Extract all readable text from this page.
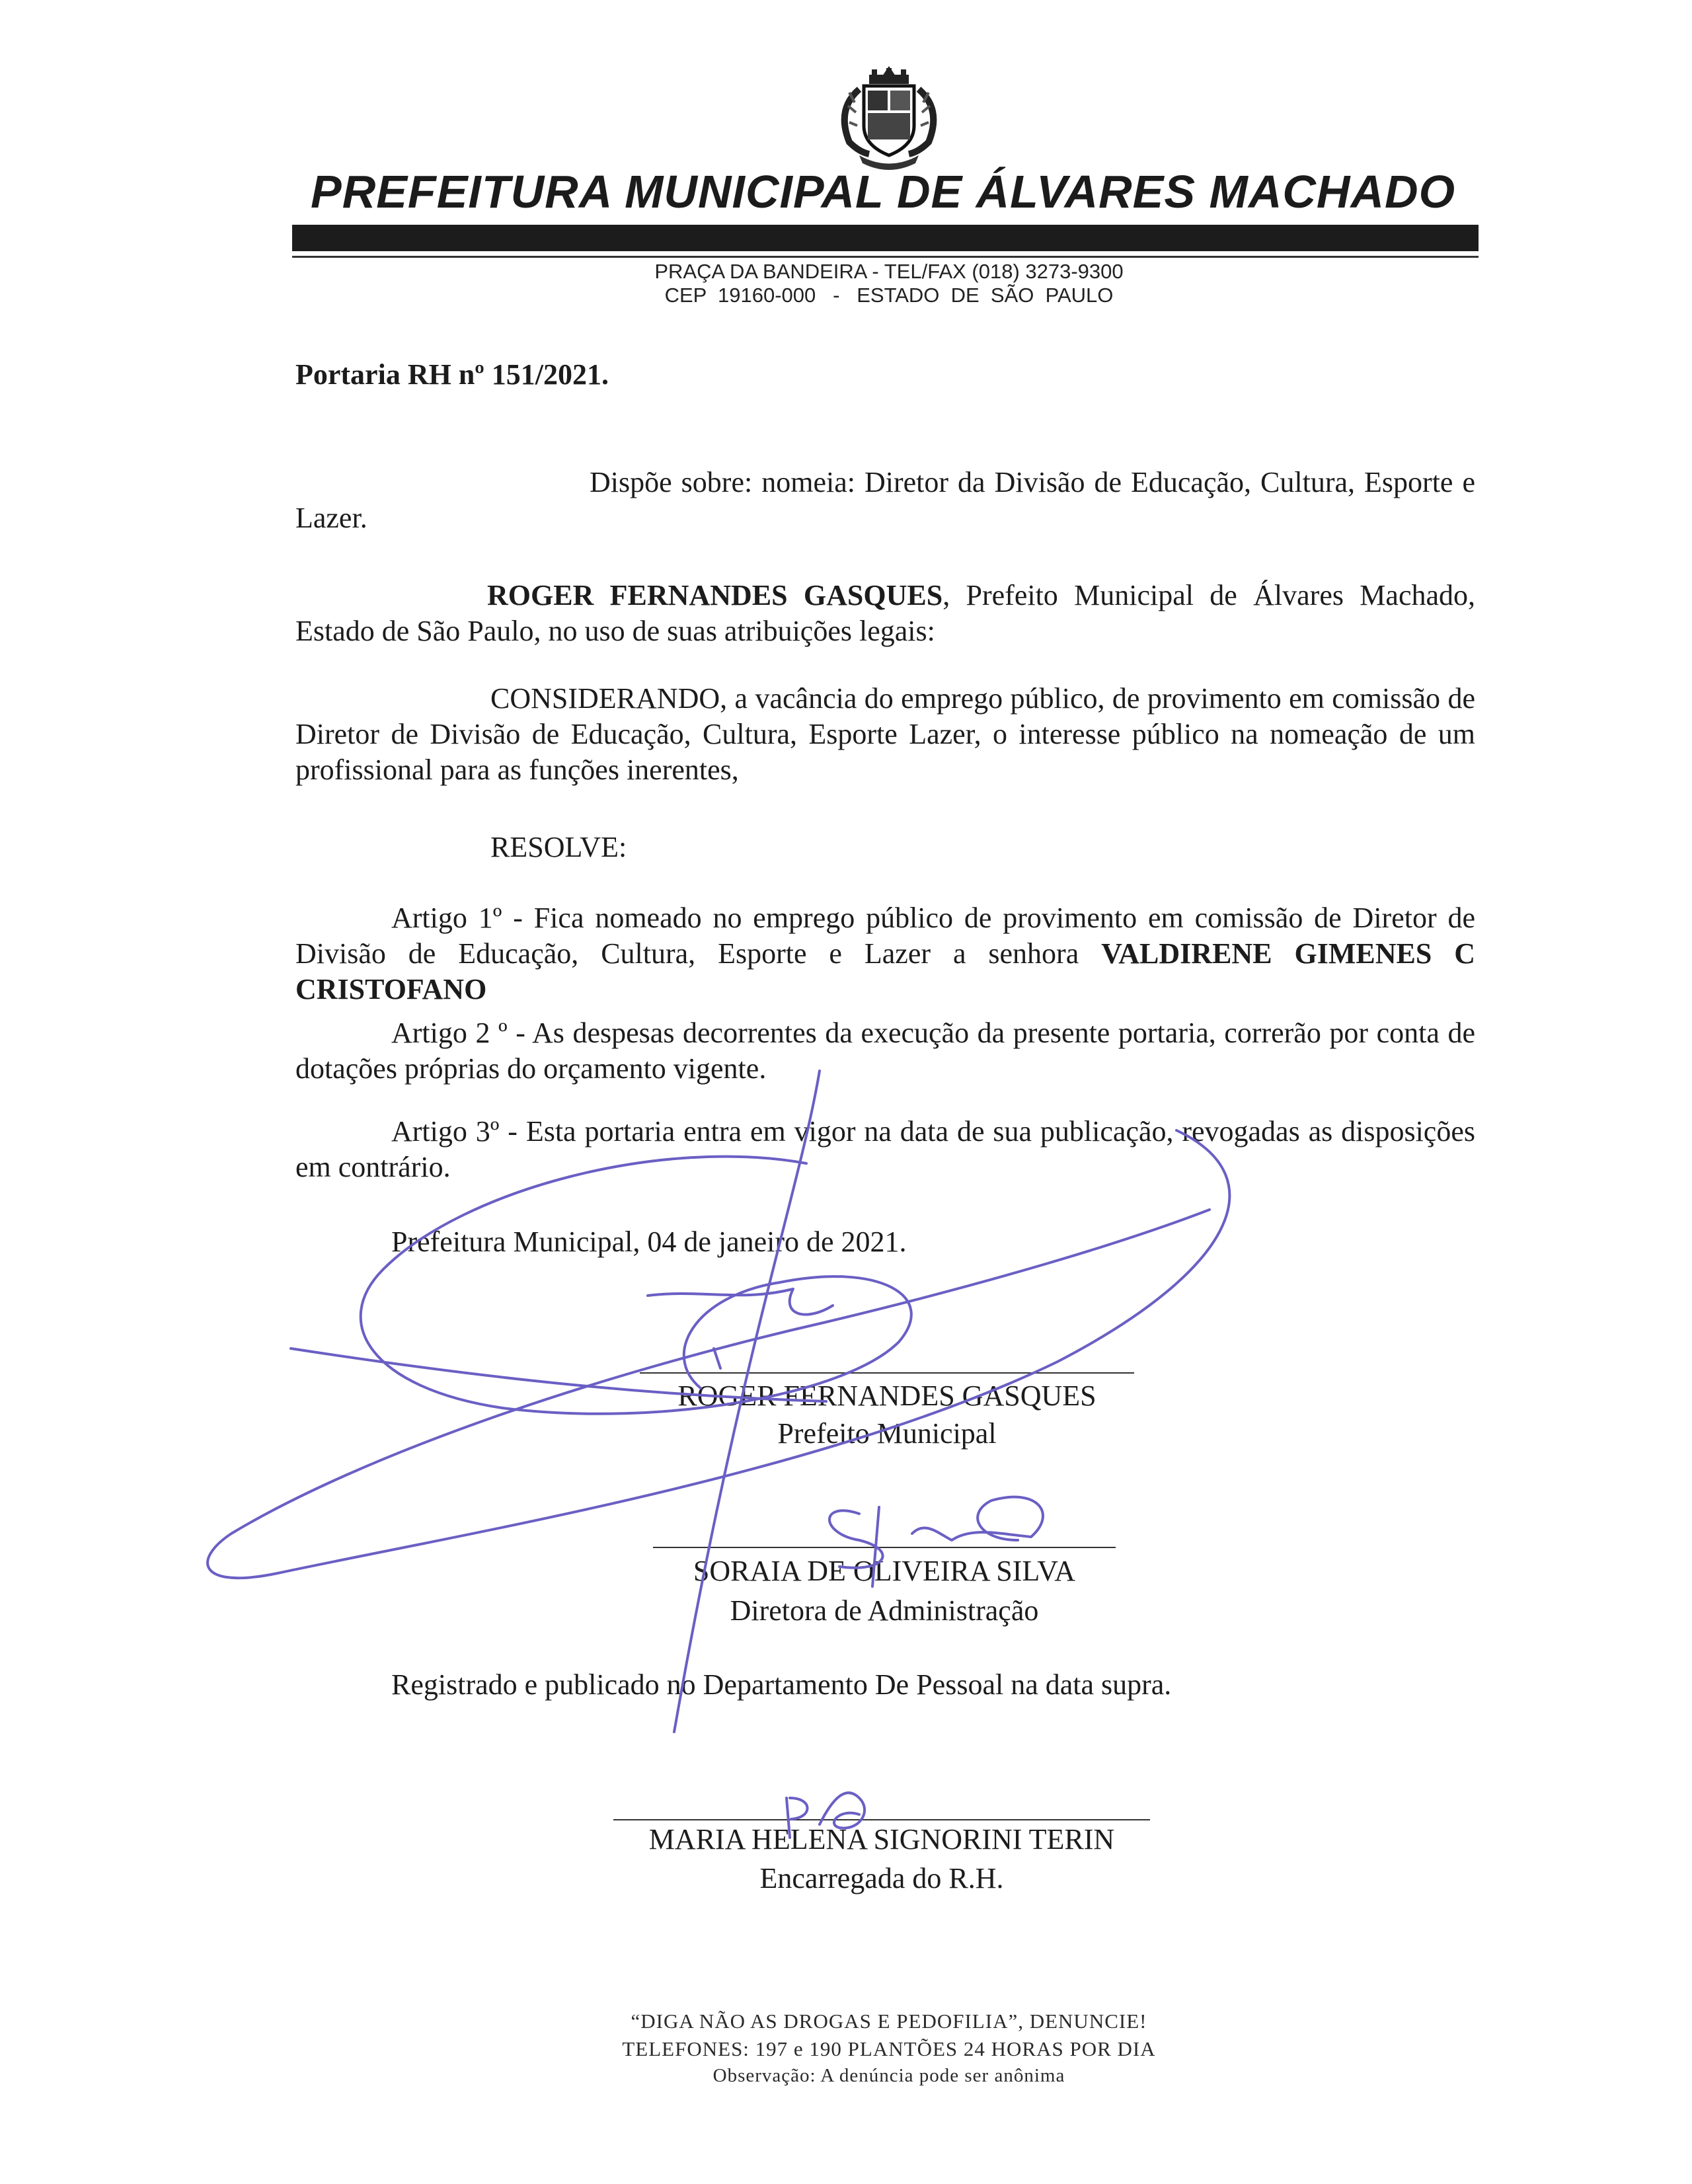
PREFEITURA MUNICIPAL DE ÁLVARES MACHADO
PRAÇA DA BANDEIRA - TEL/FAX (018) 3273-9300
CEP  19160-000   -   ESTADO  DE  SÃO  PAULO
Portaria RH nº 151/2021.
Dispõe sobre: nomeia: Diretor da Divisão de Educação, Cultura, Esporte e Lazer.
ROGER FERNANDES GASQUES, Prefeito Municipal de Álvares Machado, Estado de São Paulo, no uso de suas atribuições legais:
CONSIDERANDO, a vacância do emprego público, de provimento em comissão de Diretor de Divisão de Educação, Cultura, Esporte Lazer, o interesse público na nomeação de um profissional para as funções inerentes,
RESOLVE:
Artigo 1º - Fica nomeado no emprego público de provimento em comissão de Diretor de Divisão de Educação, Cultura, Esporte e Lazer a senhora VALDIRENE GIMENES C CRISTOFANO
Artigo 2 º - As despesas decorrentes da execução da presente portaria, correrão por conta de dotações próprias do orçamento vigente.
Artigo 3º - Esta portaria entra em vigor na data de sua publicação, revogadas as disposições em contrário.
Prefeitura Municipal, 04 de janeiro de 2021.
ROGER FERNANDES GASQUES
Prefeito Municipal
SORAIA DE OLIVEIRA SILVA
Diretora de Administração
Registrado e publicado no Departamento De Pessoal na data supra.
MARIA HELENA SIGNORINI TERIN
Encarregada do R.H.
“DIGA NÃO AS DROGAS E PEDOFILIA”, DENUNCIE!
TELEFONES: 197 e 190 PLANTÕES 24 HORAS POR DIA
Observação: A denúncia pode ser anônima
